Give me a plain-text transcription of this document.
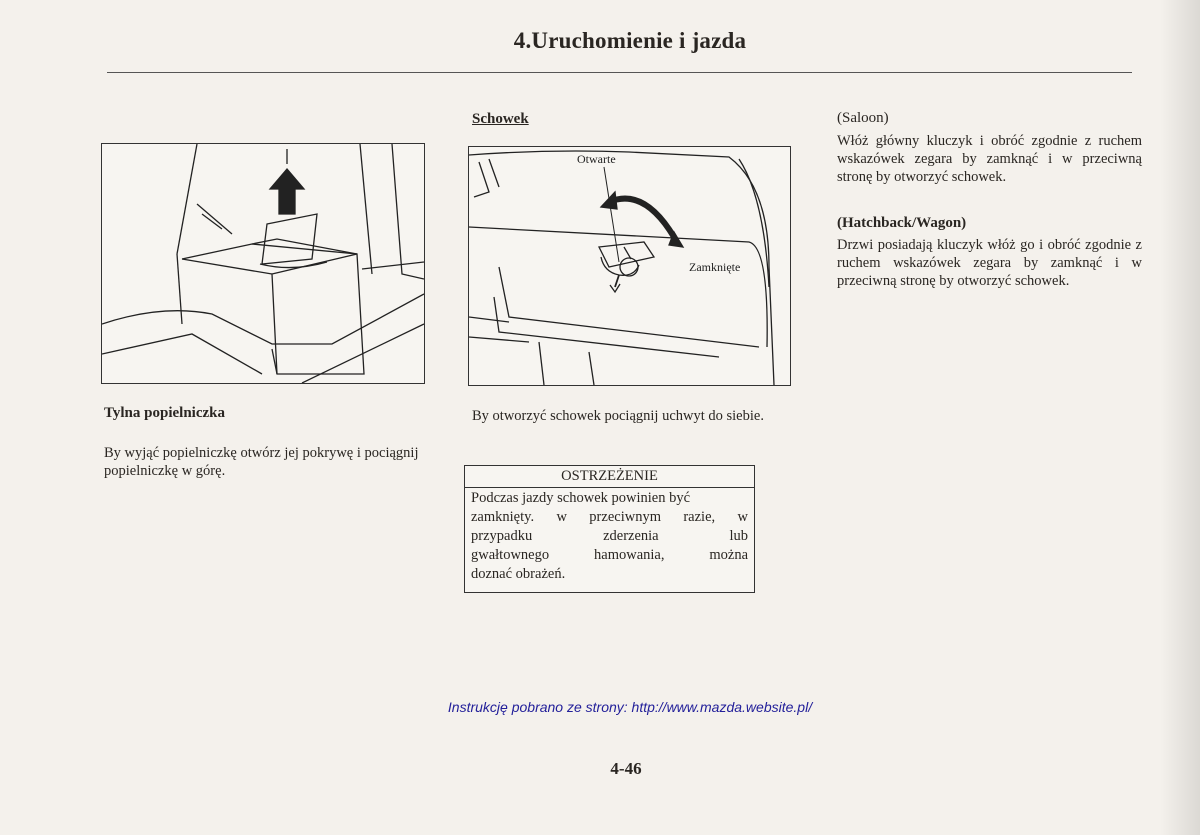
4.Uruchomienie i jazda
Tylna popielniczka
By wyjąć popielniczkę otwórz jej pokrywę i pociągnij popielniczkę w górę.
Schowek
Otwarte
Zamknięte
By otworzyć schowek pociągnij uchwyt do siebie.
OSTRZEŻENIE
Podczas jazdy schowek powinien być
zamknięty. w przeciwnym razie, w
przypadku zderzenia lub
gwałtownego hamowania, można
doznać obrażeń.
(Saloon)
Włóż główny kluczyk i obróć zgodnie z ruchem wskazówek zegara by zamknąć i w przeciwną stronę by otworzyć schowek.
(Hatchback/Wagon)
Drzwi posiadają kluczyk włóż go i obróć zgodnie z ruchem wskazówek zegara by zamknąć i w przeciwną stronę by otworzyć schowek.
Instrukcję pobrano ze strony: http://www.mazda.website.pl/
4-46
